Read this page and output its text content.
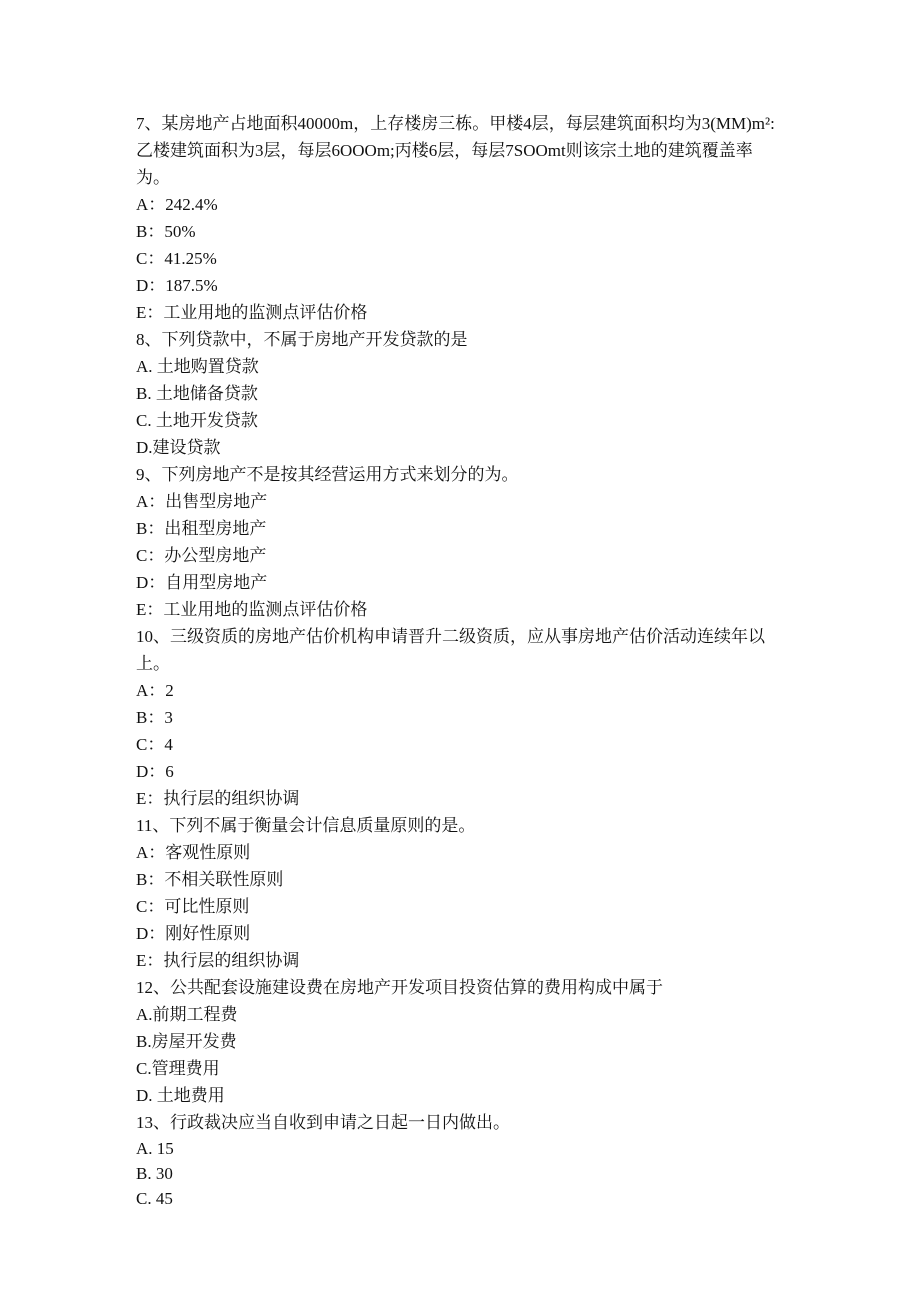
7、某房地产占地面积40000m，上存楼房三栋。甲楼4层，每层建筑面积均为3(MM)m²:乙楼建筑面积为3层，每层6OOOm;丙楼6层，每层7SOOmt则该宗土地的建筑覆盖率为。
A：242.4%
B：50%
C：41.25%
D：187.5%
E：工业用地的监测点评估价格
8、下列贷款中，不属于房地产开发贷款的是
A. 土地购置贷款
B. 土地储备贷款
C. 土地开发贷款
D.建设贷款
9、下列房地产不是按其经营运用方式来划分的为。
A：出售型房地产
B：出租型房地产
C：办公型房地产
D：自用型房地产
E：工业用地的监测点评估价格
10、三级资质的房地产估价机构申请晋升二级资质，应从事房地产估价活动连续年以上。
A：2
B：3
C：4
D：6
E：执行层的组织协调
11、下列不属于衡量会计信息质量原则的是。
A：客观性原则
B：不相关联性原则
C：可比性原则
D：刚好性原则
E：执行层的组织协调
12、公共配套设施建设费在房地产开发项目投资估算的费用构成中属于
A.前期工程费
B.房屋开发费
C.管理费用
D. 土地费用
13、行政裁决应当自收到申请之日起一日内做出。
A. 15
B. 30
C. 45
